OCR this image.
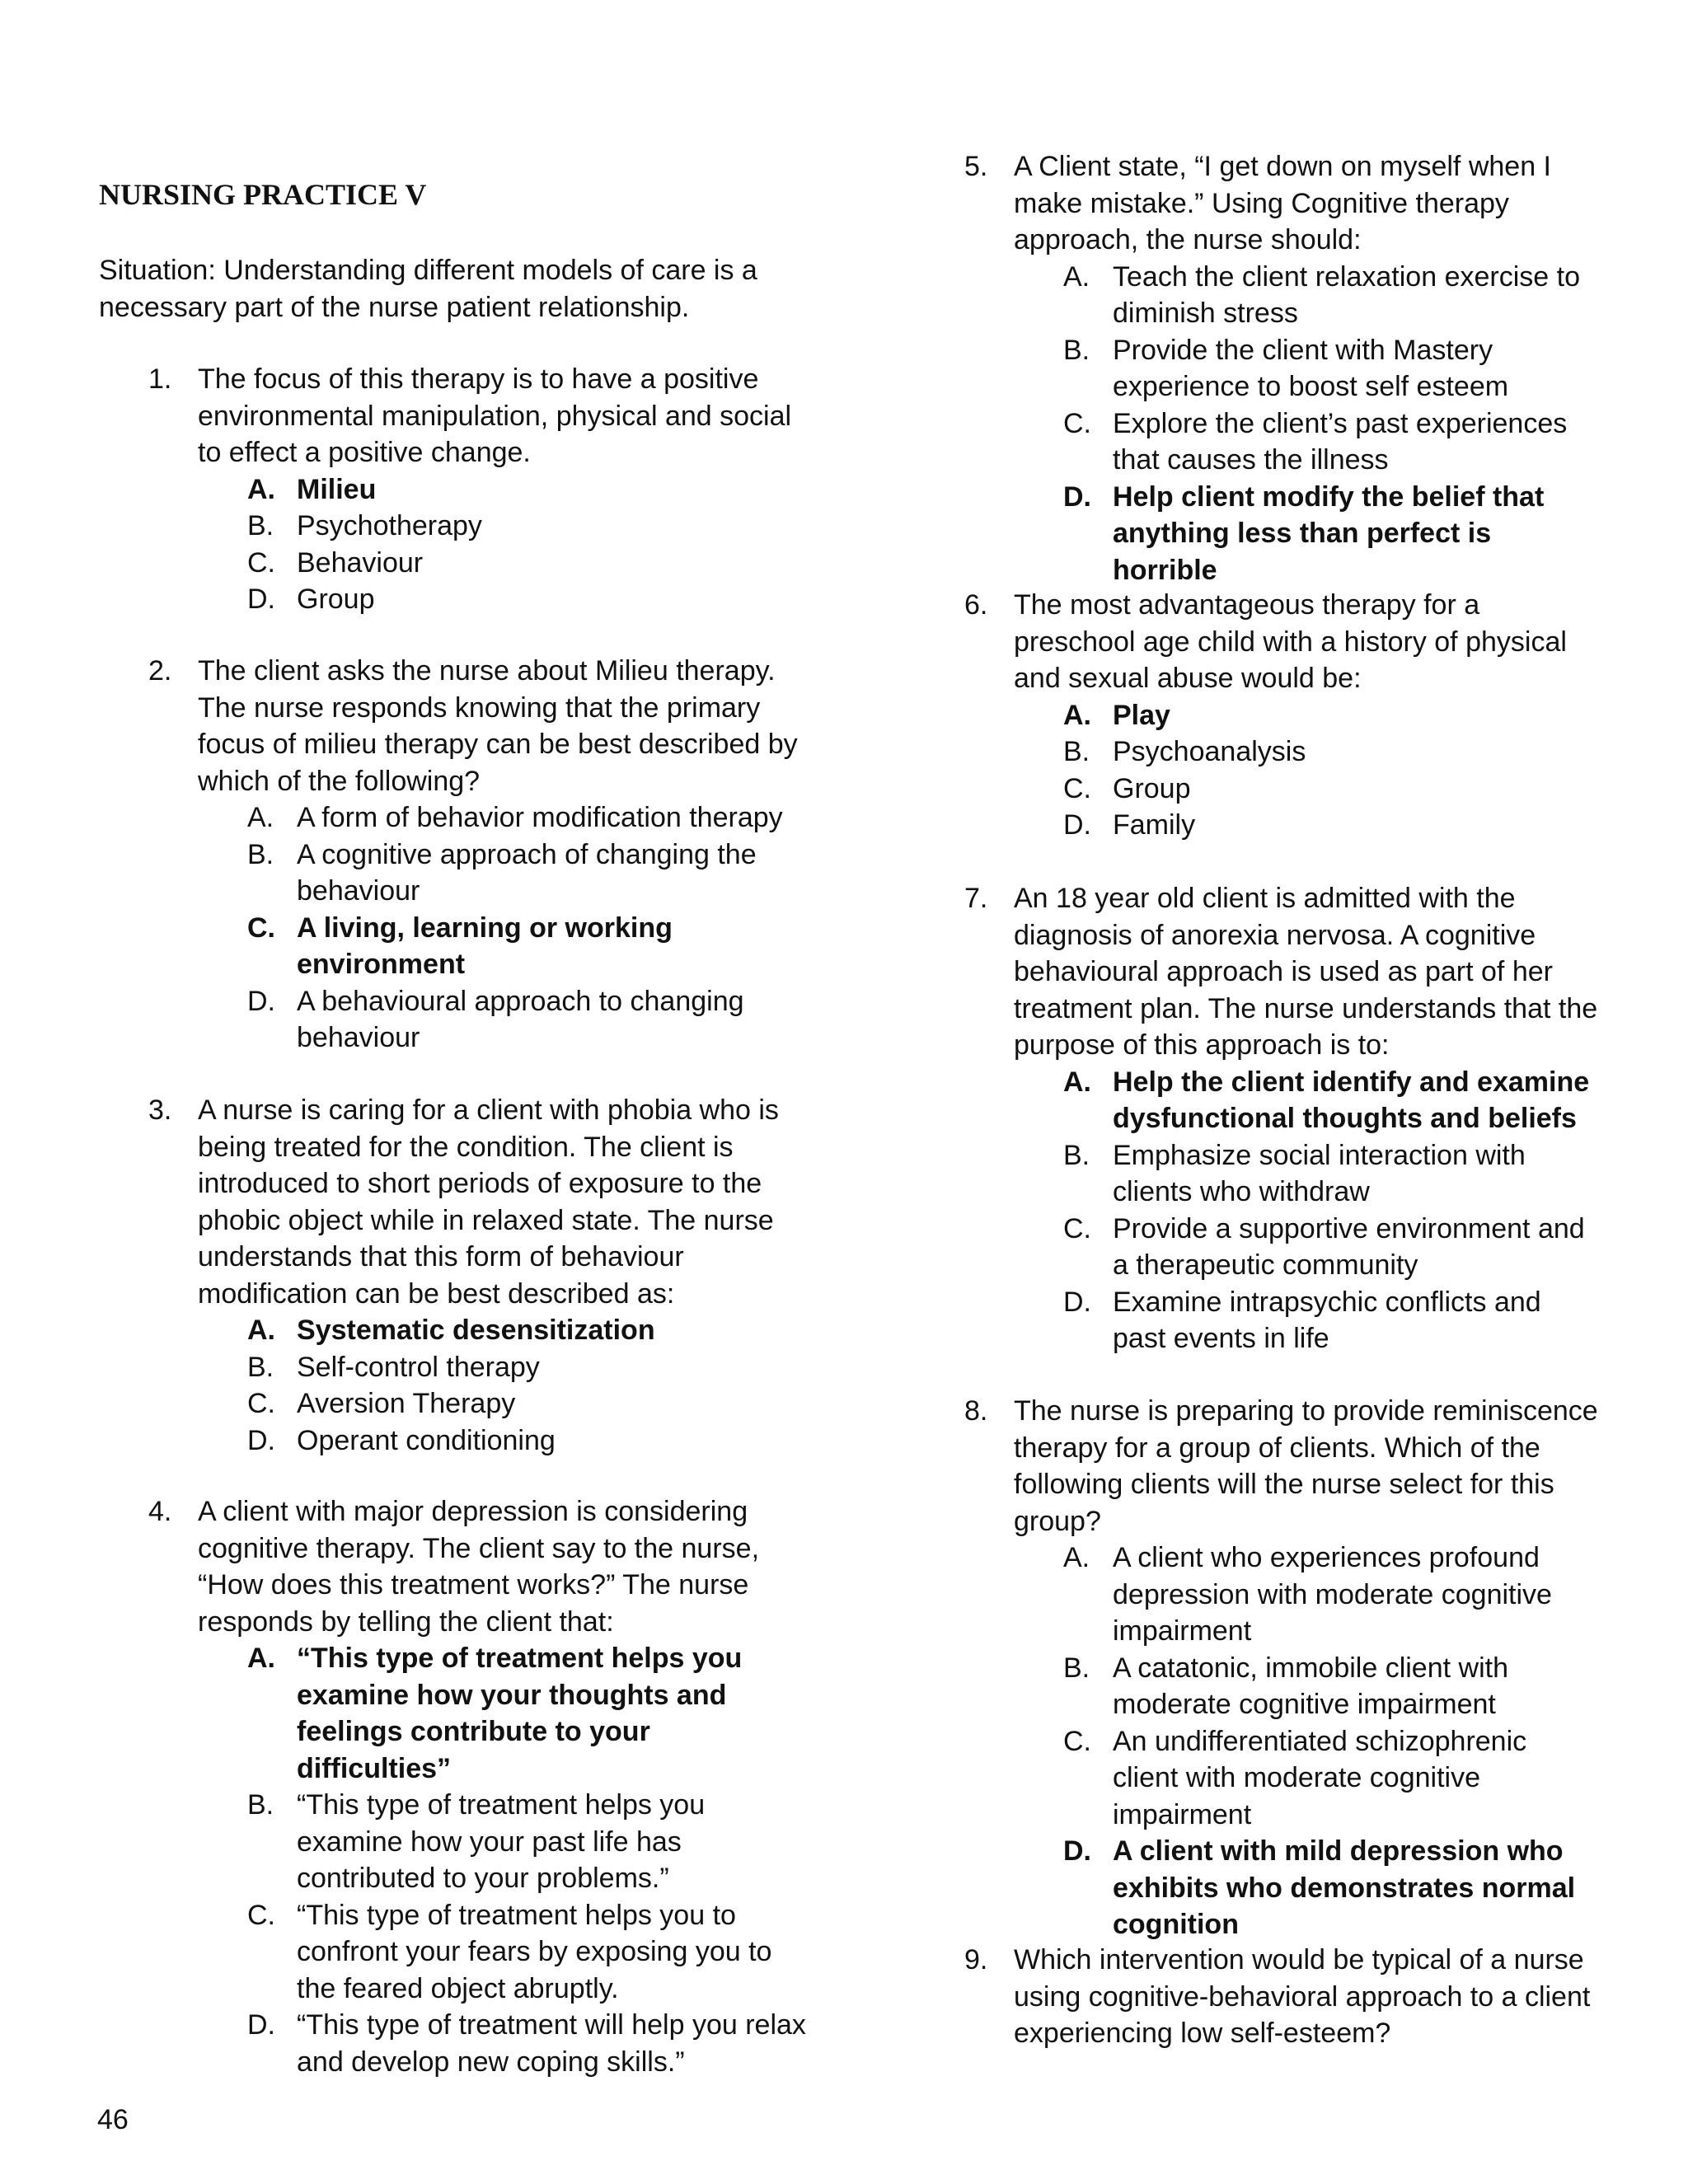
NURSING PRACTICE V

Situation: Understanding different models of care is a necessary part of the nurse patient relationship.

1. The focus of this therapy is to have a positive environmental manipulation, physical and social to effect a positive change.
A. Milieu
B. Psychotherapy
C. Behaviour
D. Group
2. The client asks the nurse about Milieu therapy. The nurse responds knowing that the primary focus of milieu therapy can be best described by which of the following?
A. A form of behavior modification therapy
B. A cognitive approach of changing the behaviour
C. A living, learning or working environment
D. A behavioural approach to changing behaviour
3. A nurse is caring for a client with phobia who is being treated for the condition. The client is introduced to short periods of exposure to the phobic object while in relaxed state. The nurse understands that this form of behaviour modification can be best described as:
A. Systematic desensitization
B. Self-control therapy
C. Aversion Therapy
D. Operant conditioning
4. A client with major depression is considering cognitive therapy. The client say to the nurse, “How does this treatment works?” The nurse responds by telling the client that:
A. “This type of treatment helps you examine how your thoughts and feelings contribute to your difficulties”
B. “This type of treatment helps you examine how your past life has contributed to your problems.”
C. “This type of treatment helps you to confront your fears by exposing you to the feared object abruptly.
D. “This type of treatment will help you relax and develop new coping skills.”
5. A Client state, “I get down on myself when I make mistake.” Using Cognitive therapy approach, the nurse should:
A. Teach the client relaxation exercise to diminish stress
B. Provide the client with Mastery experience to boost self esteem
C. Explore the client’s past experiences that causes the illness
D. Help client modify the belief that anything less than perfect is horrible
6. The most advantageous therapy for a preschool age child with a history of physical and sexual abuse would be:
A. Play
B. Psychoanalysis
C. Group
D. Family
7. An 18 year old client is admitted with the diagnosis of anorexia nervosa. A cognitive behavioural approach is used as part of her treatment plan. The nurse understands that the purpose of this approach is to:
A. Help the client identify and examine dysfunctional thoughts and beliefs
B. Emphasize social interaction with clients who withdraw
C. Provide a supportive environment and a therapeutic community
D. Examine intrapsychic conflicts and past events in life
8. The nurse is preparing to provide reminiscence therapy for a group of clients. Which of the following clients will the nurse select for this group?
A. A client who experiences profound depression with moderate cognitive impairment
B. A catatonic, immobile client with moderate cognitive impairment
C. An undifferentiated schizophrenic client with moderate cognitive impairment
D. A client with mild depression who exhibits who demonstrates normal cognition
9. Which intervention would be typical of a nurse using cognitive-behavioral approach to a client experiencing low self-esteem?
46
